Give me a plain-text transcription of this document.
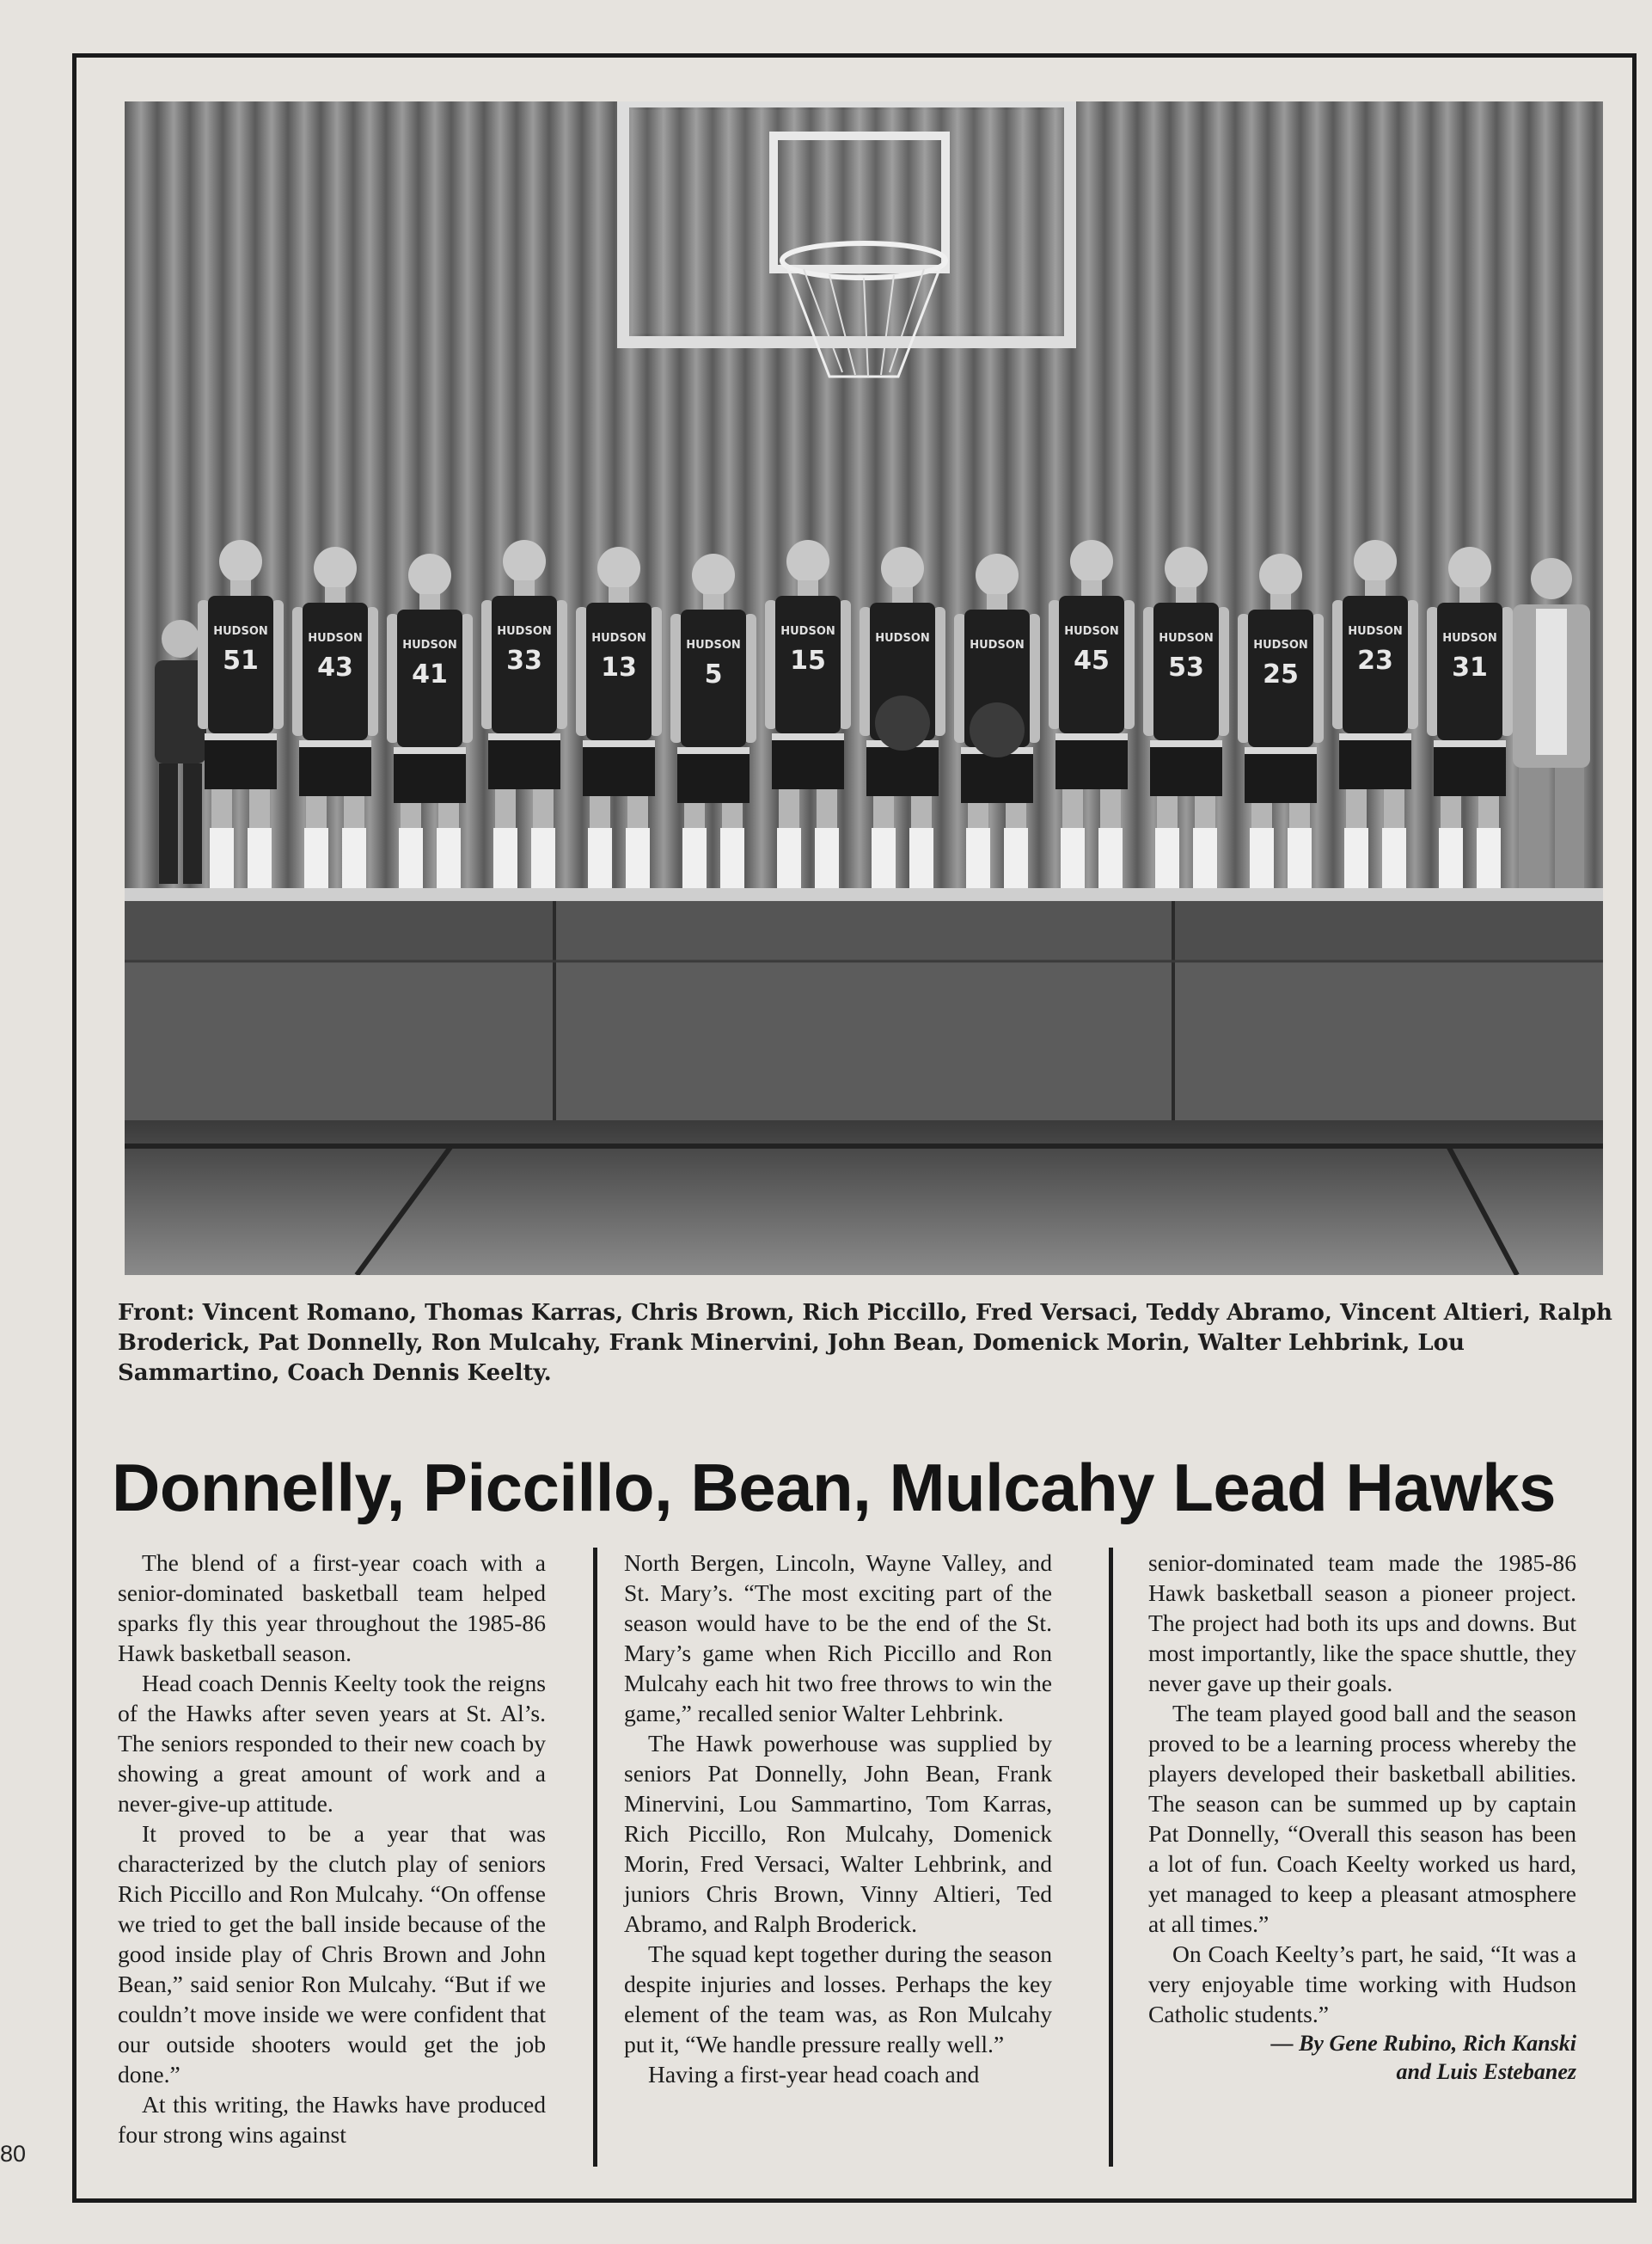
HUDSON
51
HUDSON
43
HUDSON
41
HUDSON
33
HUDSON
13
HUDSON
5
HUDSON
15
HUDSON
HUDSON
HUDSON
45
HUDSON
53
HUDSON
25
HUDSON
23
HUDSON
31
Front: Vincent Romano, Thomas Karras, Chris Brown, Rich Piccillo, Fred Versaci, Teddy Abramo, Vincent Altieri, Ralph Broderick, Pat Donnelly, Ron Mulcahy, Frank Minervini, John Bean, Domenick Morin, Walter Lehbrink, Lou Sammartino, Coach Dennis Keelty.
Donnelly, Piccillo, Bean, Mulcahy Lead Hawks

The blend of a first-year coach with a senior-dominated basketball team helped sparks fly this year throughout the 1985-86 Hawk basketball season.

Head coach Dennis Keelty took the reigns of the Hawks after seven years at St. Al’s. The seniors responded to their new coach by showing a great amount of work and a never-give-up attitude.

It proved to be a year that was characterized by the clutch play of seniors Rich Piccillo and Ron Mulcahy. “On offense we tried to get the ball inside because of the good inside play of Chris Brown and John Bean,” said senior Ron Mulcahy. “But if we couldn’t move inside we were confident that our outside shooters would get the job done.”

At this writing, the Hawks have produced four strong wins against

North Bergen, Lincoln, Wayne Valley, and St. Mary’s. “The most exciting part of the season would have to be the end of the St. Mary’s game when Rich Piccillo and Ron Mulcahy each hit two free throws to win the game,” recalled senior Walter Lehbrink.

The Hawk powerhouse was supplied by seniors Pat Donnelly, John Bean, Frank Minervini, Lou Sammartino, Tom Karras, Rich Piccillo, Ron Mulcahy, Domenick Morin, Fred Versaci, Walter Lehbrink, and juniors Chris Brown, Vinny Altieri, Ted Abramo, and Ralph Broderick.

The squad kept together during the season despite injuries and losses. Perhaps the key element of the team was, as Ron Mulcahy put it, “We handle pressure really well.”

Having a first-year head coach and

senior-dominated team made the 1985-86 Hawk basketball season a pioneer project. The project had both its ups and downs. But most importantly, like the space shuttle, they never gave up their goals.

The team played good ball and the season proved to be a learning process whereby the players developed their basketball abilities. The season can be summed up by captain Pat Donnelly, “Overall this season has been a lot of fun. Coach Keelty worked us hard, yet managed to keep a pleasant atmosphere at all times.”

On Coach Keelty’s part, he said, “It was a very enjoyable time working with Hudson Catholic students.”

— By Gene Rubino, Rich Kanski
and Luis Estebanez
80
